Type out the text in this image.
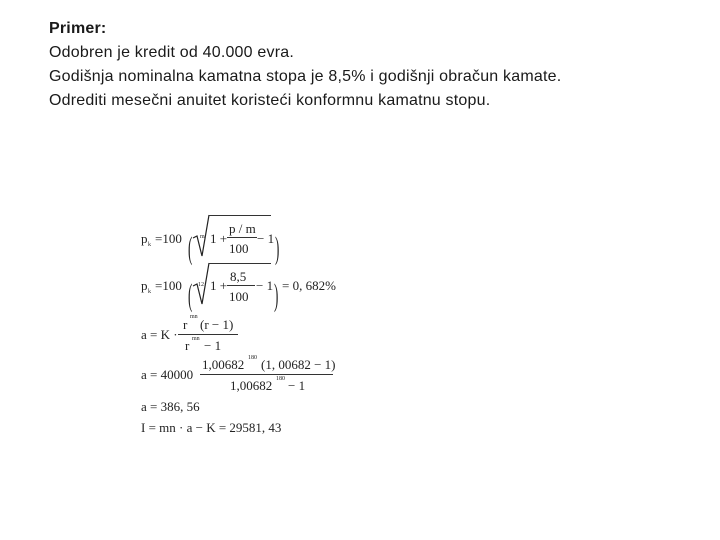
Primer:
Odobren je kredit od 40.000 evra.
Godišnja nominalna kamatna stopa je 8,5% i godišnji obračun kamate.
Odrediti mesečni anuitet koristeći konformnu kamatnu stopu.
p k =100	m
( 1 +
p / m
100
− 1 )
p k =100	12
( 1 +
8,5
100
− 1 ) = 0, 682%
a = K ·
r mn (r − 1)
r mn − 1
a = 40000
1,00682 180 (1, 00682 − 1)
1,00682 180 − 1
a = 386, 56
I = mn · a − K = 29581, 43
